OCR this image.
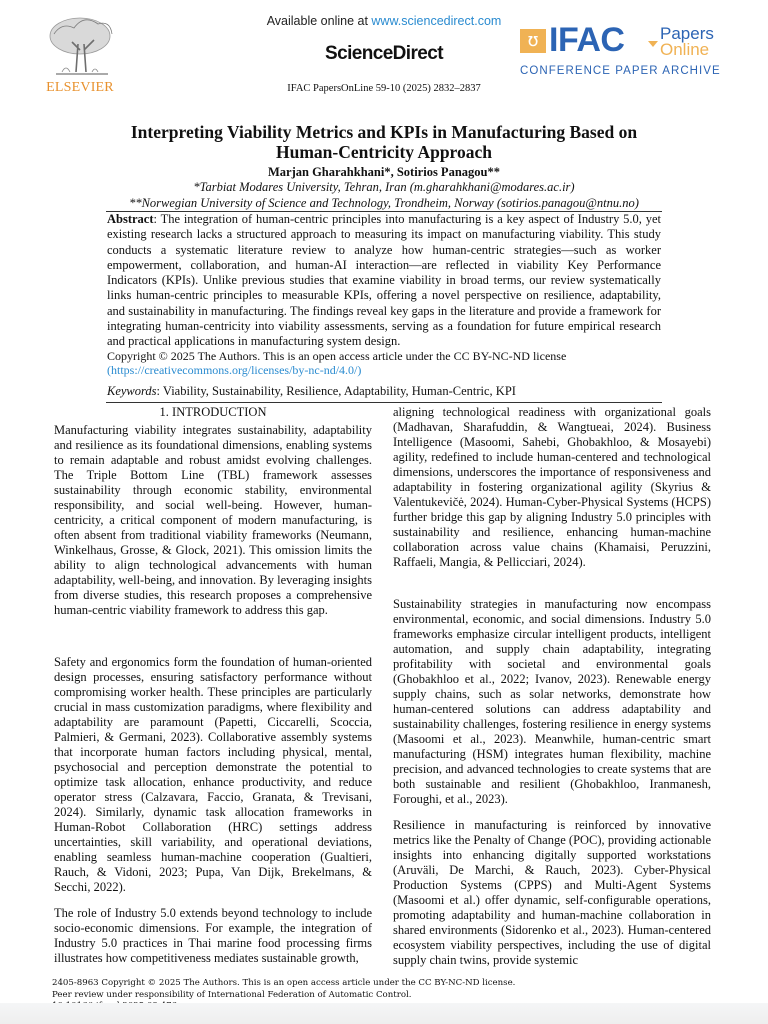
ELSEVIER
Available online at www.sciencedirect.com
ScienceDirect
IFAC PapersOnLine 59-10 (2025) 2832–2837
ʊ IFAC Papers
Online
CONFERENCE PAPER ARCHIVE
Interpreting Viability Metrics and KPIs in Manufacturing Based on Human-Centricity Approach
Marjan Gharahkhani*, Sotirios Panagou**
*Tarbiat Modares University, Tehran, Iran (m.gharahkhani@modares.ac.ir)
**Norwegian University of Science and Technology, Trondheim, Norway (sotirios.panagou@ntnu.no)
Abstract: The integration of human-centric principles into manufacturing is a key aspect of Industry 5.0, yet existing research lacks a structured approach to measuring its impact on manufacturing viability. This study conducts a systematic literature review to analyze how human-centric strategies—such as worker empowerment, collaboration, and human-AI interaction—are reflected in viability Key Performance Indicators (KPIs). Unlike previous studies that examine viability in broad terms, our review systematically links human-centric principles to measurable KPIs, offering a novel perspective on resilience, adaptability, and sustainability in manufacturing. The findings reveal key gaps in the literature and provide a framework for integrating human-centricity into viability assessments, serving as a foundation for future empirical research and practical applications in manufacturing system design.
Copyright © 2025 The Authors. This is an open access article under the CC BY-NC-ND license
(https://creativecommons.org/licenses/by-nc-nd/4.0/)
Keywords: Viability, Sustainability, Resilience, Adaptability, Human-Centric, KPI
1. INTRODUCTION

Manufacturing viability integrates sustainability, adaptability and resilience as its foundational dimensions, enabling systems to remain adaptable and robust amidst evolving challenges. The Triple Bottom Line (TBL) framework assesses sustainability through economic stability, environmental responsibility, and social well-being. However, human-centricity, a critical component of modern manufacturing, is often absent from traditional viability frameworks (Neumann, Winkelhaus, Grosse, & Glock, 2021). This omission limits the ability to align technological advancements with human adaptability, well-being, and innovation. By leveraging insights from diverse studies, this research proposes a comprehensive human-centric viability framework to address this gap.

Safety and ergonomics form the foundation of human-oriented design processes, ensuring satisfactory performance without compromising worker health. These principles are particularly crucial in mass customization paradigms, where flexibility and adaptability are paramount (Papetti, Ciccarelli, Scoccia, Palmieri, & Germani, 2023). Collaborative assembly systems that incorporate human factors including physical, mental, psychosocial and perception demonstrate the potential to optimize task allocation, enhance productivity, and reduce operator stress (Calzavara, Faccio, Granata, & Trevisani, 2024). Similarly, dynamic task allocation frameworks in Human-Robot Collaboration (HRC) settings address uncertainties, skill variability, and operational deviations, enabling seamless human-machine cooperation (Gualtieri, Rauch, & Vidoni, 2023; Pupa, Van Dijk, Brekelmans, & Secchi, 2022).

The role of Industry 5.0 extends beyond technology to include socio-economic dimensions. For example, the integration of Industry 5.0 practices in Thai marine food processing firms illustrates how competitiveness mediates sustainable growth,

aligning technological readiness with organizational goals (Madhavan, Sharafuddin, & Wangtueai, 2024). Business Intelligence (Masoomi, Sahebi, Ghobakhloo, & Mosayebi) agility, redefined to include human-centered and technological dimensions, underscores the importance of responsiveness and adaptability in fostering organizational agility (Skyrius & Valentukevičė, 2024). Human-Cyber-Physical Systems (HCPS) further bridge this gap by aligning Industry 5.0 principles with sustainability and resilience, enhancing human-machine collaboration across value chains (Khamaisi, Peruzzini, Raffaeli, Mangia, & Pellicciari, 2024).

Sustainability strategies in manufacturing now encompass environmental, economic, and social dimensions. Industry 5.0 frameworks emphasize circular intelligent products, intelligent automation, and supply chain adaptability, integrating profitability with societal and environmental goals (Ghobakhloo et al., 2022; Ivanov, 2023). Renewable energy supply chains, such as solar networks, demonstrate how human-centered solutions can address adaptability and sustainability challenges, fostering resilience in energy systems (Masoomi et al., 2023). Meanwhile, human-centric smart manufacturing (HSM) integrates human flexibility, machine precision, and advanced technologies to create systems that are both sustainable and resilient (Ghobakhloo, Iranmanesh, Foroughi, et al., 2023).

Resilience in manufacturing is reinforced by innovative metrics like the Penalty of Change (POC), providing actionable insights into enhancing digitally supported workstations (Aruväli, De Marchi, & Rauch, 2023). Cyber-Physical Production Systems (CPPS) and Multi-Agent Systems (Masoomi et al.) offer dynamic, self-configurable operations, promoting adaptability and human-machine collaboration in shared environments (Sidorenko et al., 2023). Human-centered ecosystem viability perspectives, including the use of digital supply chain twins, provide systemic

2405-8963 Copyright © 2025 The Authors. This is an open access article under the CC BY-NC-ND license.
Peer review under responsibility of International Federation of Automatic Control.
